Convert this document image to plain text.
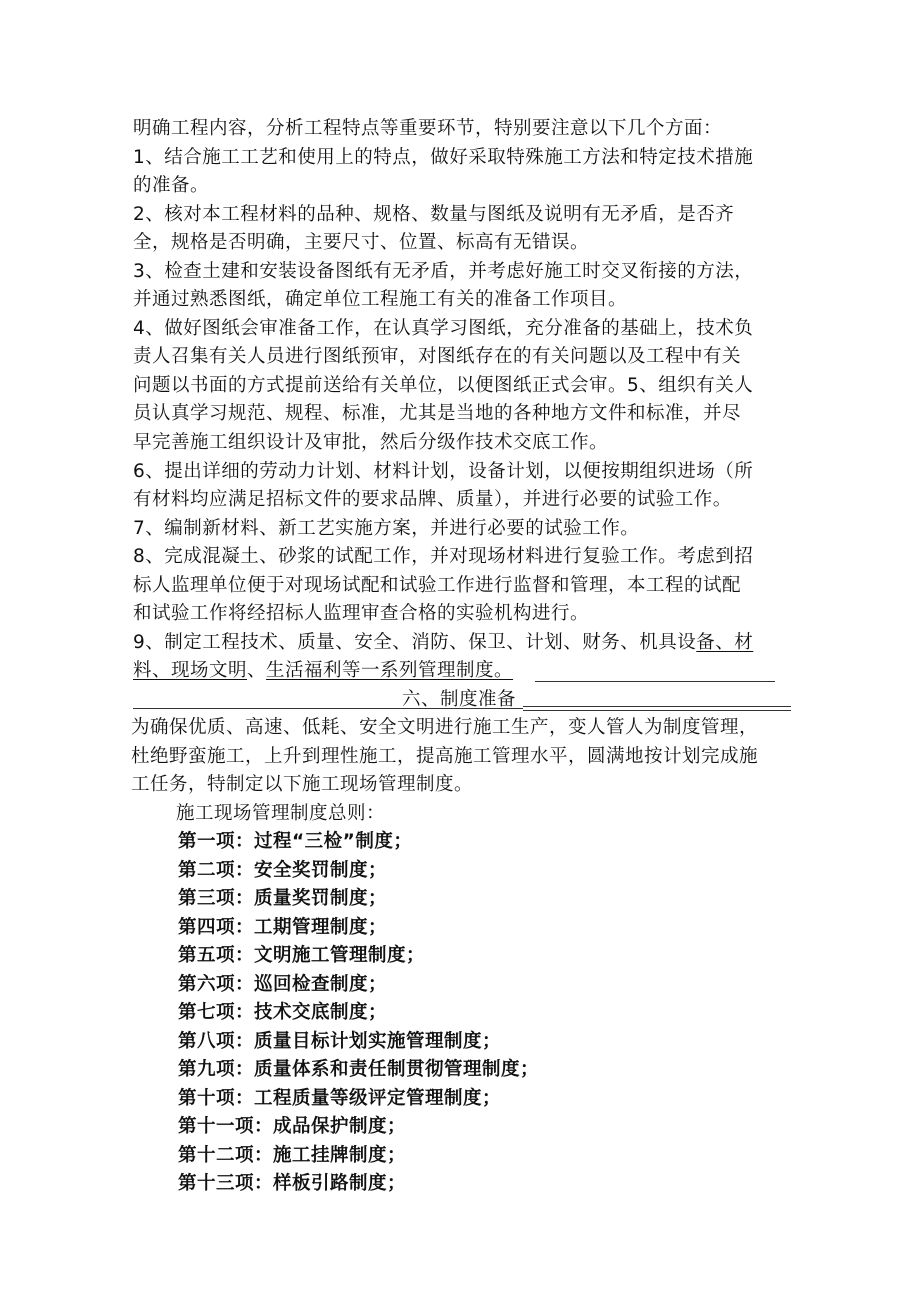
明确工程内容，分析工程特点等重要环节，特别要注意以下几个方面：
1、结合施工工艺和使用上的特点，做好采取特殊施工方法和特定技术措施
的准备。
2、核对本工程材料的品种、规格、数量与图纸及说明有无矛盾，是否齐
全，规格是否明确，主要尺寸、位置、标高有无错误。
3、检查土建和安装设备图纸有无矛盾，并考虑好施工时交叉衔接的方法，
并通过熟悉图纸，确定单位工程施工有关的准备工作项目。
4、做好图纸会审准备工作，在认真学习图纸，充分准备的基础上，技术负
责人召集有关人员进行图纸预审，对图纸存在的有关问题以及工程中有关
问题以书面的方式提前送给有关单位，以便图纸正式会审。5、组织有关人
员认真学习规范、规程、标准，尤其是当地的各种地方文件和标准，并尽
早完善施工组织设计及审批，然后分级作技术交底工作。
6、提出详细的劳动力计划、材料计划，设备计划，以便按期组织进场（所
有材料均应满足招标文件的要求品牌、质量），并进行必要的试验工作。
7、编制新材料、新工艺实施方案，并进行必要的试验工作。
8、完成混凝土、砂浆的试配工作，并对现场材料进行复验工作。考虑到招
标人监理单位便于对现场试配和试验工作进行监督和管理，本工程的试配
和试验工作将经招标人监理审查合格的实验机构进行。
9、制定工程技术、质量、安全、消防、保卫、计划、财务、机具设备、材
料、现场文明、生活福利等一系列管理制度。
六、制度准备
为确保优质、高速、低耗、安全文明进行施工生产，变人管人为制度管理，
杜绝野蛮施工，上升到理性施工，提高施工管理水平，圆满地按计划完成施
工任务，特制定以下施工现场管理制度。
施工现场管理制度总则：
第一项：过程“三检”制度；
第二项：安全奖罚制度；
第三项：质量奖罚制度；
第四项：工期管理制度；
第五项：文明施工管理制度；
第六项：巡回检查制度；
第七项：技术交底制度；
第八项：质量目标计划实施管理制度；
第九项：质量体系和责任制贯彻管理制度；
第十项：工程质量等级评定管理制度；
第十一项：成品保护制度；
第十二项：施工挂牌制度；
第十三项：样板引路制度；
